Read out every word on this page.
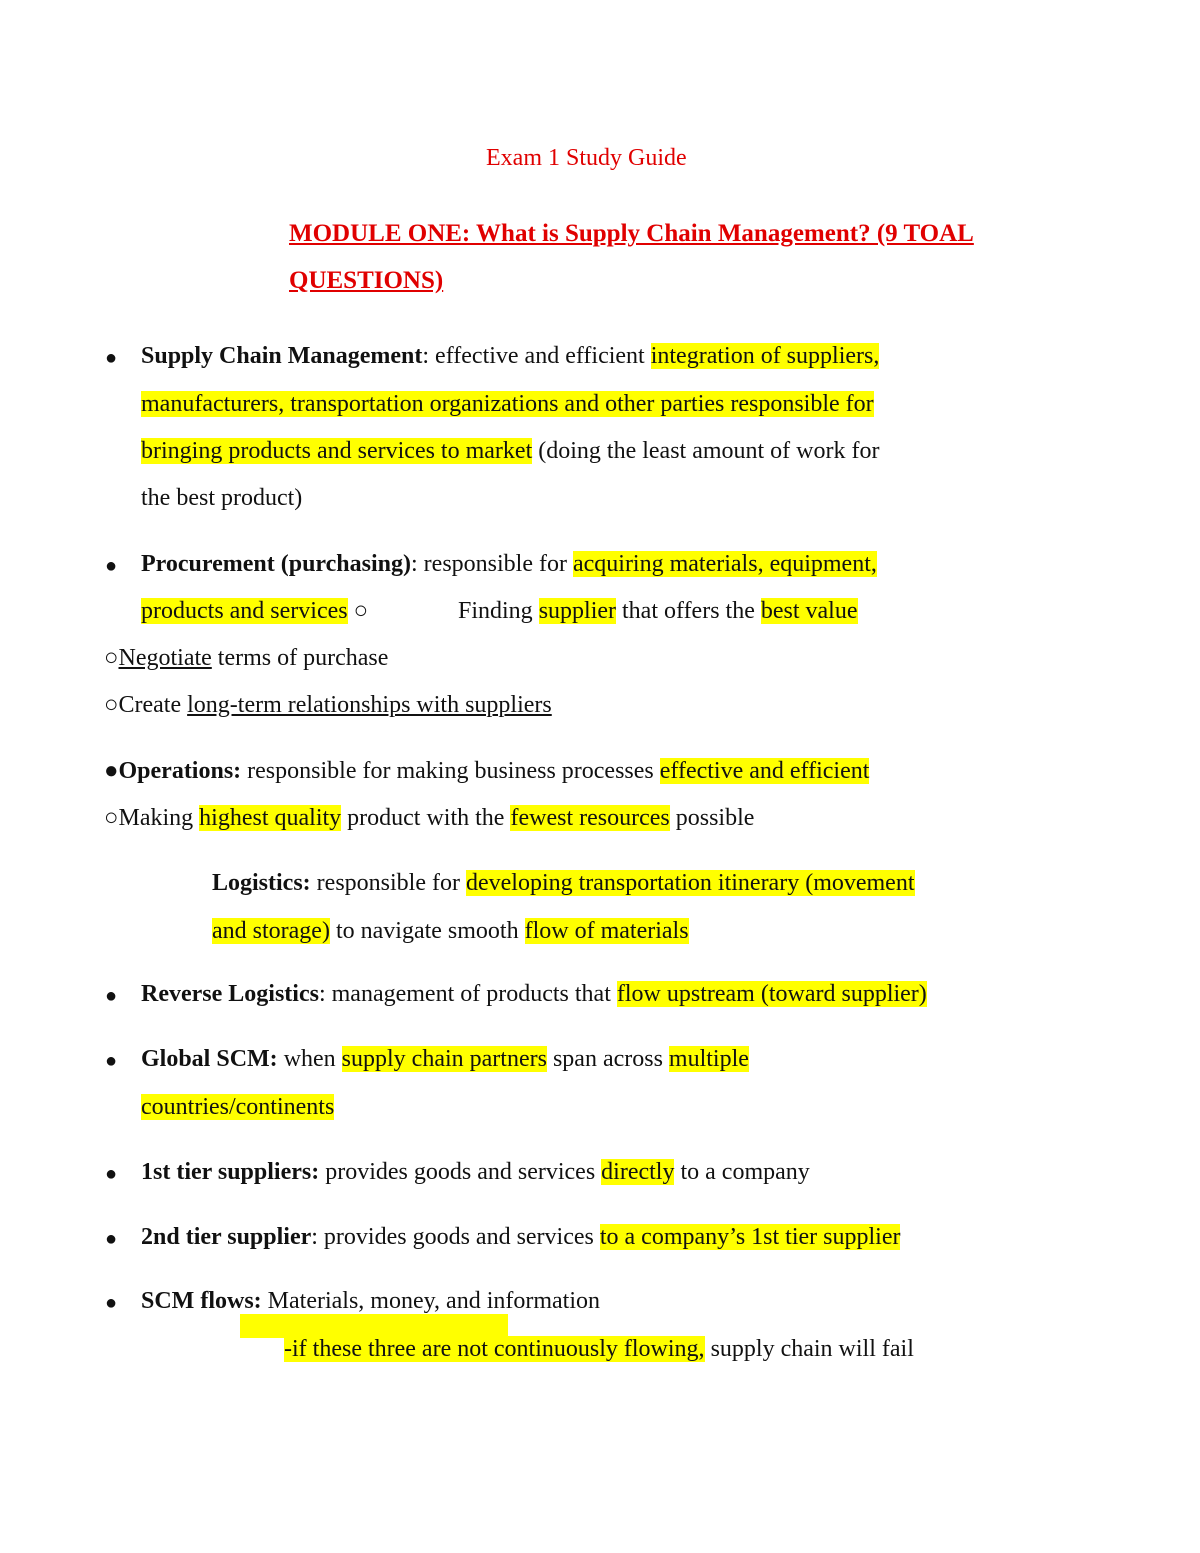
Exam 1 Study Guide
MODULE ONE: What is Supply Chain Management? (9 TOAL
QUESTIONS)
● Supply Chain Management: effective and efficient integration of suppliers,
manufacturers, transportation organizations and other parties responsible for
bringing products and services to market (doing the least amount of work for
the best product)
● Procurement (purchasing): responsible for acquiring materials, equipment,
products and services ○	Finding supplier that offers the best value
○Negotiate terms of purchase
○Create long-term relationships with suppliers
●Operations: responsible for making business processes effective and efficient
○Making highest quality product with the fewest resources possible
Logistics: responsible for developing transportation itinerary (movement
and storage) to navigate smooth flow of materials
● Reverse Logistics: management of products that flow upstream (toward supplier)
● Global SCM: when supply chain partners span across multiple
countries/continents
● 1st tier suppliers: provides goods and services directly to a company
● 2nd tier supplier: provides goods and services to a company’s 1st tier supplier
● SCM flows: Materials, money, and information
-if these three are not continuously flowing, supply chain will fail
